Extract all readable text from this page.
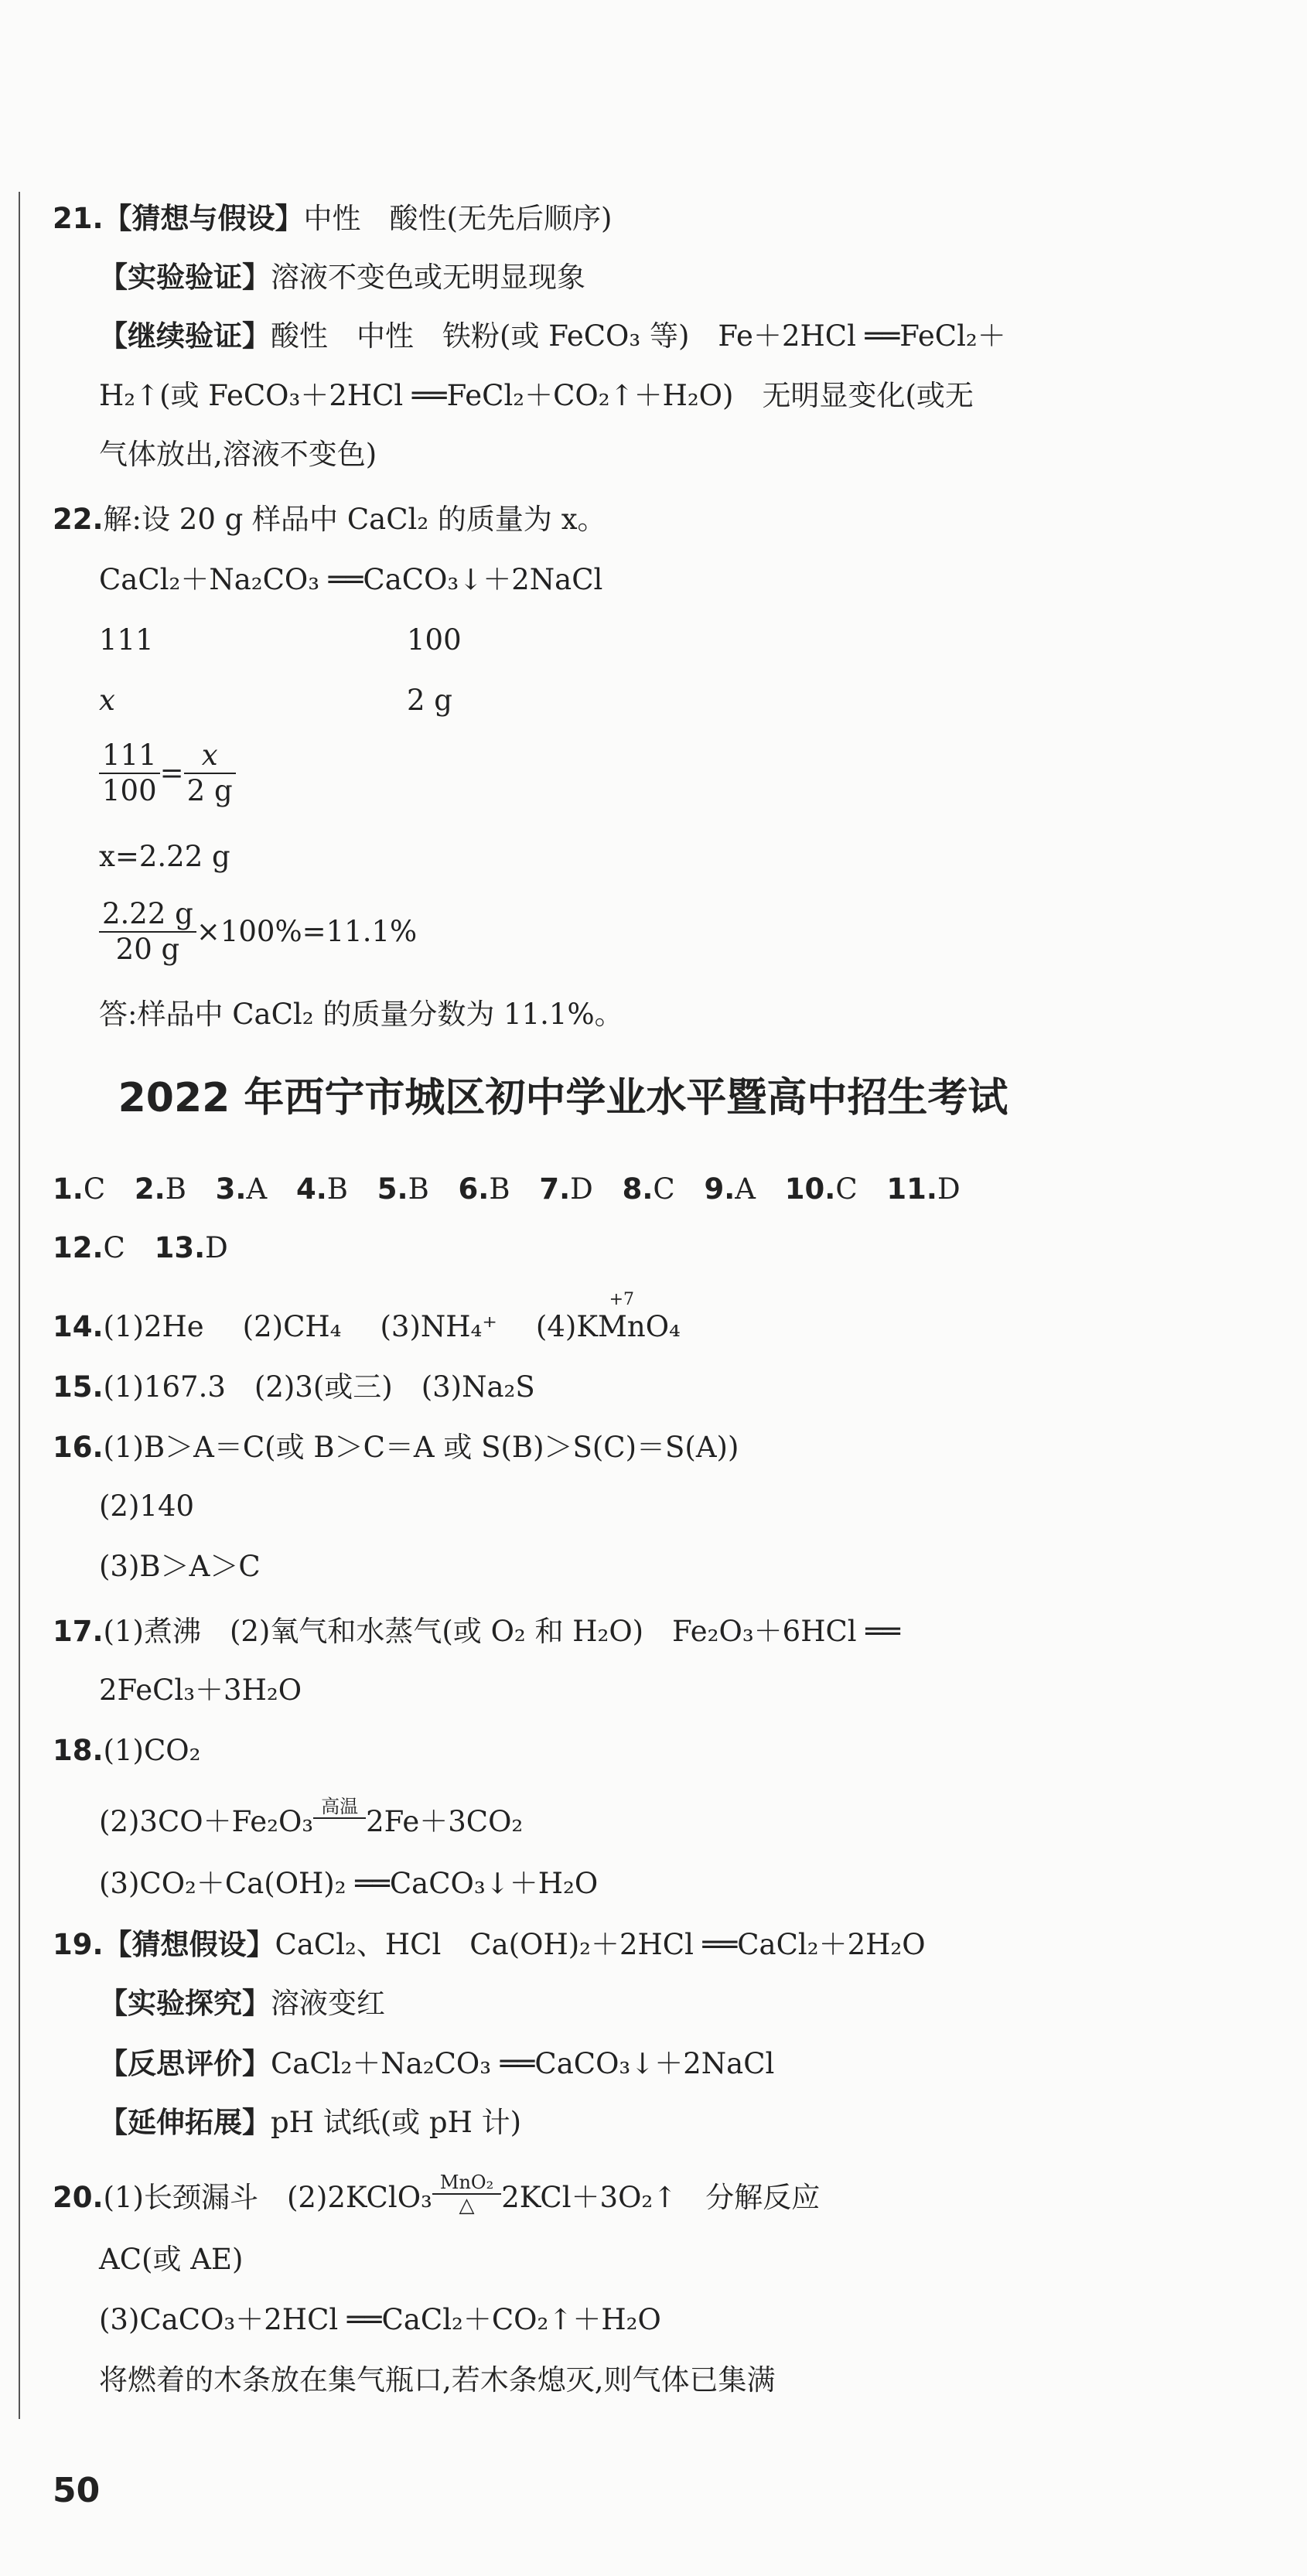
21.【猜想与假设】中性　酸性(无先后顺序)
【实验验证】溶液不变色或无明显现象
【继续验证】酸性　中性　铁粉(或 FeCO₃ 等)　Fe＋2HCl ══FeCl₂＋
H₂↑(或 FeCO₃＋2HCl ══FeCl₂＋CO₂↑＋H₂O)　无明显变化(或无
气体放出,溶液不变色)
22.解:设 20 g 样品中 CaCl₂ 的质量为 x。
CaCl₂＋Na₂CO₃ ══CaCO₃↓＋2NaCl
111	100
x	2 g
$\frac{111}{100} = \frac{x}{2 g}$
x=2.22 g
$\frac{2.22 g}{20 g} \times 100\%=11.1\%$
答:样品中 CaCl₂ 的质量分数为 11.1%。
2022 年西宁市城区初中学业水平暨高中招生考试
1.C 2.B 3.A 4.B 5.B 6.B 7.D 8.C 9.A 10.C 11.D
12.C 13.D
14.(1)2He (2)CH₄ (3)NH₄⁺ (4)K
+7
MnO₄
15.(1)167.3　(2)3(或三)　(3)Na₂S
16.(1)B＞A＝C(或 B＞C＝A 或 S(B)＞S(C)＝S(A))
(2)140
(3)B＞A＞C
17.(1)煮沸　(2)氧气和水蒸气(或 O₂ 和 H₂O)　Fe₂O₃＋6HCl ══
2FeCl₃＋3H₂O
18.(1)CO₂
(2)3CO＋Fe₂O₃ 高温
2Fe＋3CO₂
(3)CO₂＋Ca(OH)₂ ══CaCO₃↓＋H₂O
19.【猜想假设】CaCl₂、HCl　Ca(OH)₂＋2HCl ══CaCl₂＋2H₂O
【实验探究】溶液变红
【反思评价】CaCl₂＋Na₂CO₃ ══CaCO₃↓＋2NaCl
【延伸拓展】pH 试纸(或 pH 计)
20.(1)长颈漏斗　(2)2KClO₃ MnO₂
△ 2KCl＋3O₂↑　分解反应
AC(或 AE)
(3)CaCO₃＋2HCl ══CaCl₂＋CO₂↑＋H₂O
将燃着的木条放在集气瓶口,若木条熄灭,则气体已集满
50
